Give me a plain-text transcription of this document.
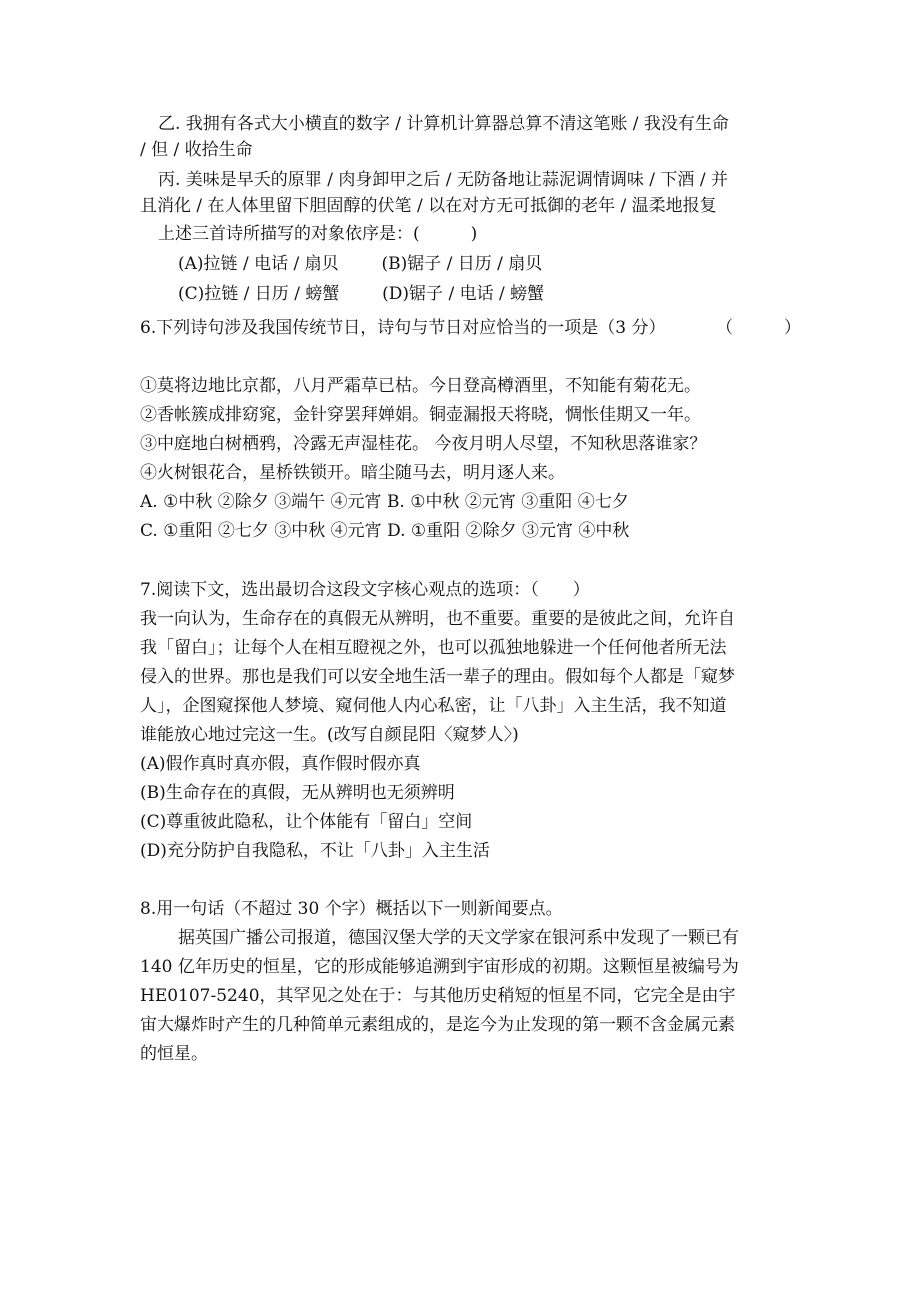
乙. 我拥有各式大小横直的数字 / 计算机计算器总算不清这笔账 / 我没有生命
/ 但 / 收拾生命
丙. 美味是早夭的原罪 / 肉身卸甲之后 / 无防备地让蒜泥调情调味 / 下酒 / 并
且消化 / 在人体里留下胆固醇的伏笔 / 以在对方无可抵御的老年 / 温柔地报复
上述三首诗所描写的对象依序是：(　　　)
(A)拉链 / 电话 / 扇贝	(B)锯子 / 日历 / 扇贝
(C)拉链 / 日历 / 螃蟹	(D)锯子 / 电话 / 螃蟹
6.下列诗句涉及我国传统节日，诗句与节日对应恰当的一项是（3 分）	（　　　）
①莫将边地比京都，八月严霜草已枯。今日登高樽酒里，不知能有菊花无。
②香帐簇成排窈窕，金针穿罢拜婵娟。铜壶漏报天将晓，惆怅佳期又一年。
③中庭地白树栖鸦，冷露无声湿桂花。 今夜月明人尽望，不知秋思落谁家？
④火树银花合，星桥铁锁开。暗尘随马去，明月逐人来。
A. ①中秋 ②除夕 ③端午 ④元宵 B. ①中秋 ②元宵 ③重阳 ④七夕
C. ①重阳 ②七夕 ③中秋 ④元宵 D. ①重阳 ②除夕 ③元宵 ④中秋
7.阅读下文，选出最切合这段文字核心观点的选项：（　　）
我一向认为，生命存在的真假无从辨明，也不重要。重要的是彼此之间，允许自
我「留白」；让每个人在相互瞪视之外，也可以孤独地躲进一个任何他者所无法
侵入的世界。那也是我们可以安全地生活一辈子的理由。假如每个人都是「窥梦
人」，企图窥探他人梦境、窥伺他人内心私密，让「八卦」入主生活，我不知道
谁能放心地过完这一生。(改写自颜昆阳〈窥梦人〉)
(A)假作真时真亦假，真作假时假亦真
(B)生命存在的真假，无从辨明也无须辨明
(C)尊重彼此隐私，让个体能有「留白」空间
(D)充分防护自我隐私，不让「八卦」入主生活
8.用一句话（不超过 30 个字）概括以下一则新闻要点。
据英国广播公司报道，德国汉堡大学的天文学家在银河系中发现了一颗已有
140 亿年历史的恒星，它的形成能够追溯到宇宙形成的初期。这颗恒星被编号为
HE0107-5240，其罕见之处在于：与其他历史稍短的恒星不同，它完全是由宇
宙大爆炸时产生的几种简单元素组成的，是迄今为止发现的第一颗不含金属元素
的恒星。
